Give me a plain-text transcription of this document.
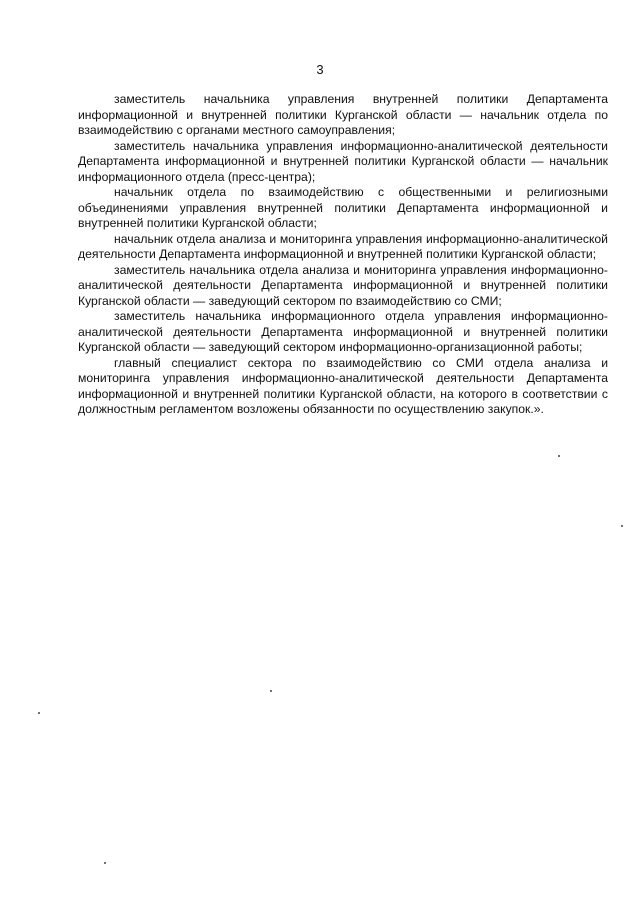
3

заместитель начальника управления внутренней политики Департамента информационной и внутренней политики Курганской области — начальник отдела по взаимодействию с органами местного самоуправления;

заместитель начальника управления информационно-аналитической деятельности Департамента информационной и внутренней политики Курганской области — начальник информационного отдела (пресс-центра);

начальник отдела по взаимодействию с общественными и религиозными объединениями управления внутренней политики Департамента информационной и внутренней политики Курганской области;

начальник отдела анализа и мониторинга управления информационно-аналитической деятельности Департамента информационной и внутренней политики Курганской области;

заместитель начальника отдела анализа и мониторинга управления информационно-аналитической деятельности Департамента информационной и внутренней политики Курганской области — заведующий сектором по взаимодействию со СМИ;

заместитель начальника информационного отдела управления информационно-аналитической деятельности Департамента информационной и внутренней политики Курганской области — заведующий сектором информационно-организационной работы;

главный специалист сектора по взаимодействию со СМИ отдела анализа и мониторинга управления информационно-аналитической деятельности Департамента информационной и внутренней политики Курганской области, на которого в соответствии с должностным регламентом возложены обязанности по осуществлению закупок.».
